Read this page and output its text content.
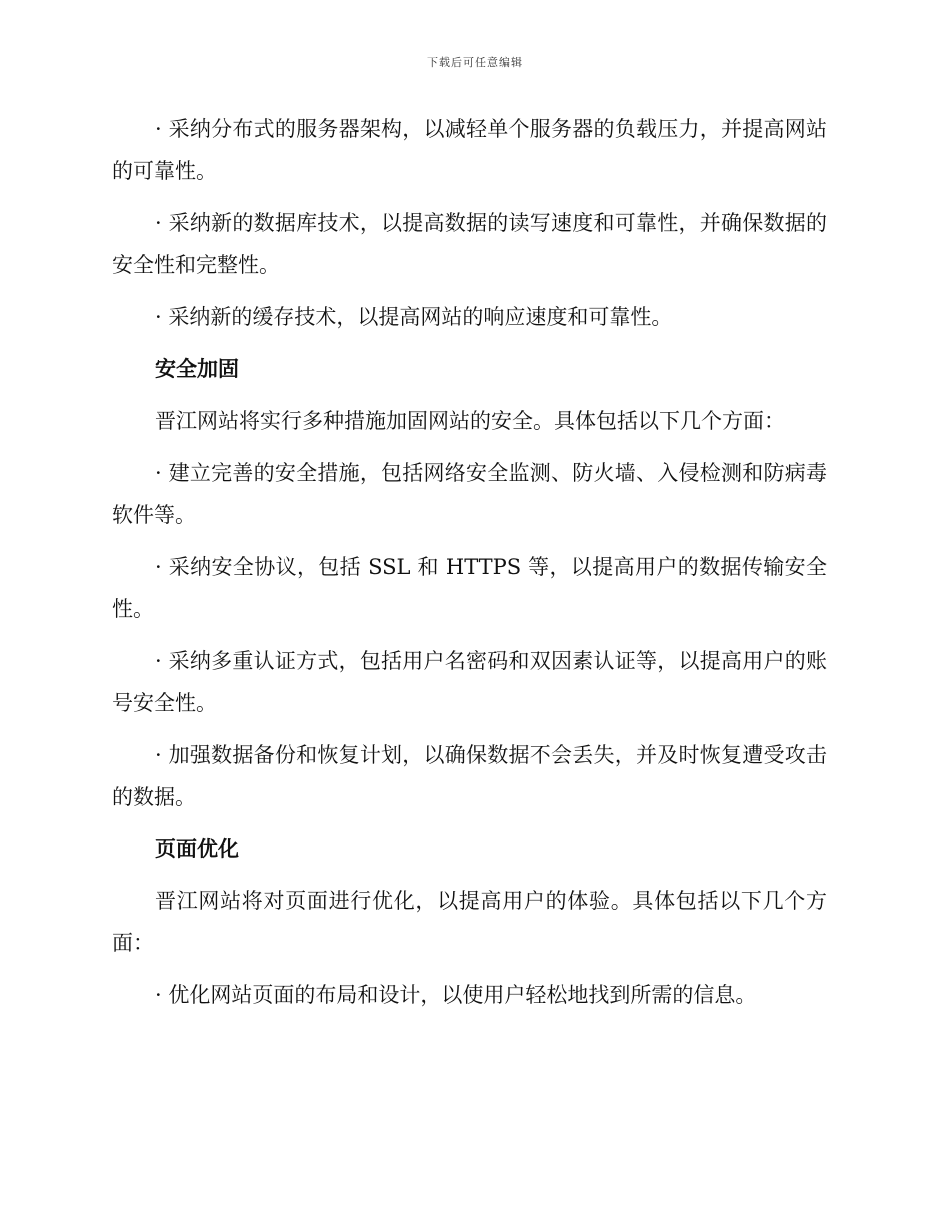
下载后可任意编辑

· 采纳分布式的服务器架构，以减轻单个服务器的负载压力，并提高网站的可靠性。

· 采纳新的数据库技术，以提高数据的读写速度和可靠性，并确保数据的安全性和完整性。

· 采纳新的缓存技术，以提高网站的响应速度和可靠性。

安全加固

晋江网站将实行多种措施加固网站的安全。具体包括以下几个方面：

· 建立完善的安全措施，包括网络安全监测、防火墙、入侵检测和防病毒软件等。

· 采纳安全协议，包括 SSL 和 HTTPS 等，以提高用户的数据传输安全性。

· 采纳多重认证方式，包括用户名密码和双因素认证等，以提高用户的账号安全性。

· 加强数据备份和恢复计划，以确保数据不会丢失，并及时恢复遭受攻击的数据。

页面优化

晋江网站将对页面进行优化，以提高用户的体验。具体包括以下几个方面：

· 优化网站页面的布局和设计，以使用户轻松地找到所需的信息。
